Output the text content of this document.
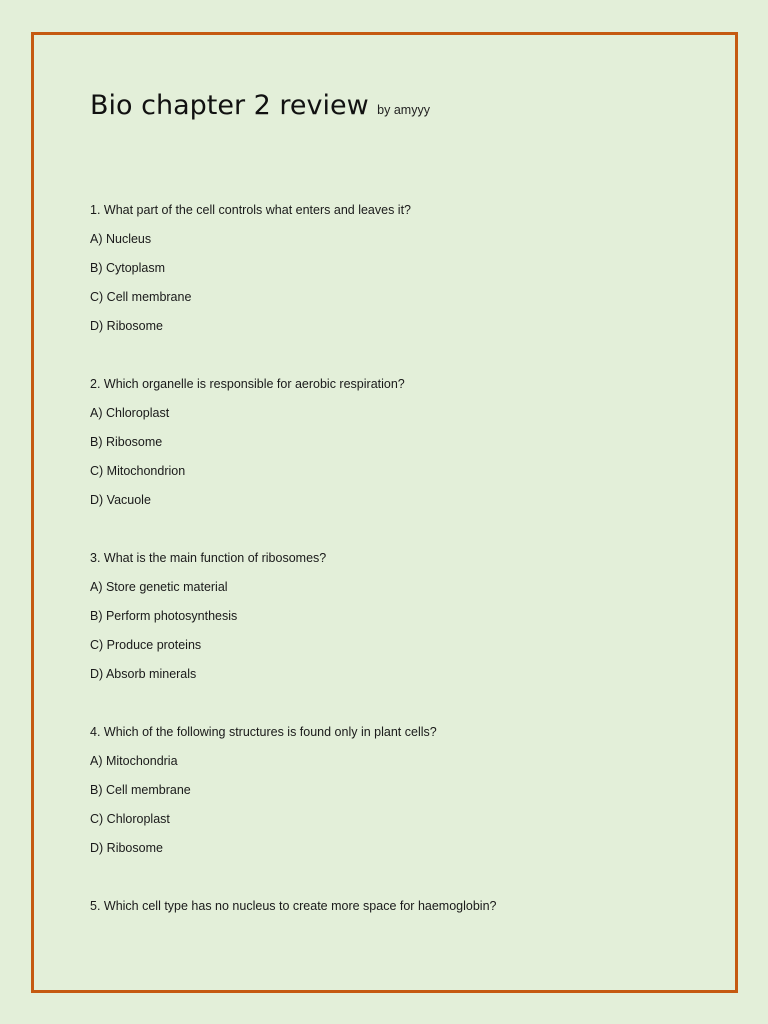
Bio chapter 2 review by amyyy
1. What part of the cell controls what enters and leaves it?
A) Nucleus
B) Cytoplasm
C) Cell membrane
D) Ribosome
2. Which organelle is responsible for aerobic respiration?
A) Chloroplast
B) Ribosome
C) Mitochondrion
D) Vacuole
3. What is the main function of ribosomes?
A) Store genetic material
B) Perform photosynthesis
C) Produce proteins
D) Absorb minerals
4. Which of the following structures is found only in plant cells?
A) Mitochondria
B) Cell membrane
C) Chloroplast
D) Ribosome
5. Which cell type has no nucleus to create more space for haemoglobin?
